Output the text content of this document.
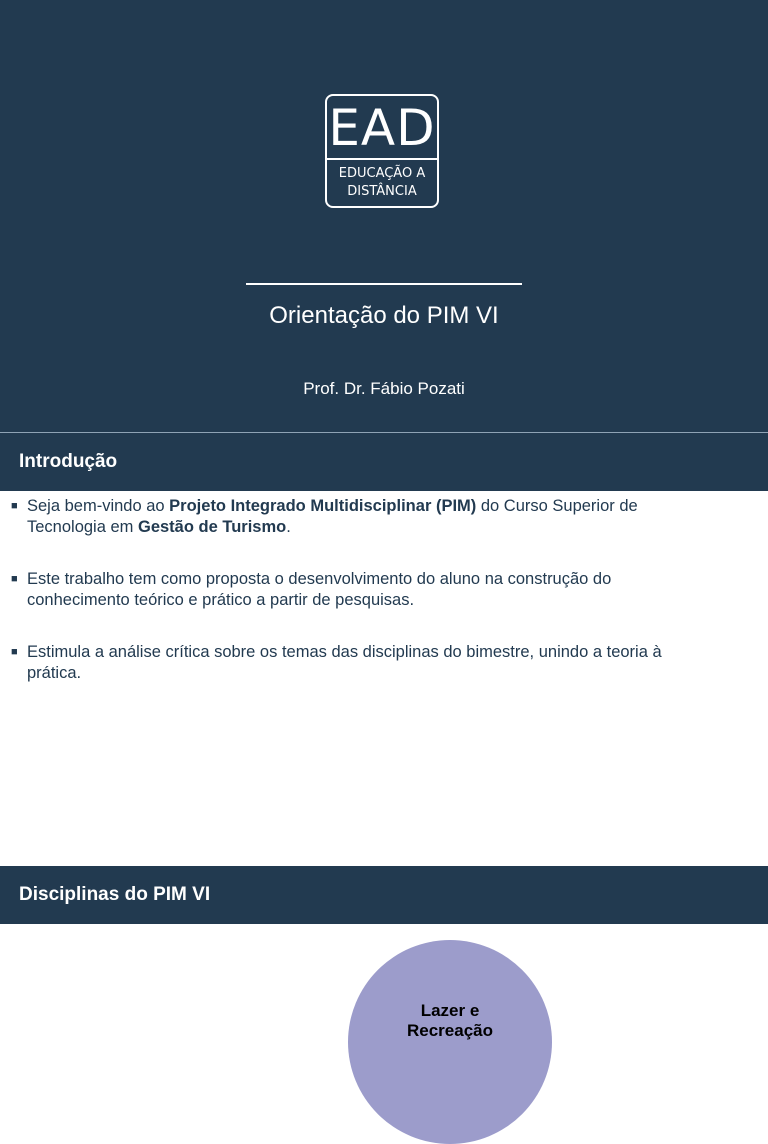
EAD
EDUCAÇÃO A
DISTÂNCIA
Orientação do PIM VI
Prof. Dr. Fábio Pozati
Introdução
■ Seja bem-vindo ao Projeto Integrado Multidisciplinar (PIM) do Curso Superior de Tecnologia em Gestão de Turismo.
■ Este trabalho tem como proposta o desenvolvimento do aluno na construção do conhecimento teórico e prático a partir de pesquisas.
■ Estimula a análise crítica sobre os temas das disciplinas do bimestre, unindo a teoria à prática.
Disciplinas do PIM VI
Lazer e
Recreação
